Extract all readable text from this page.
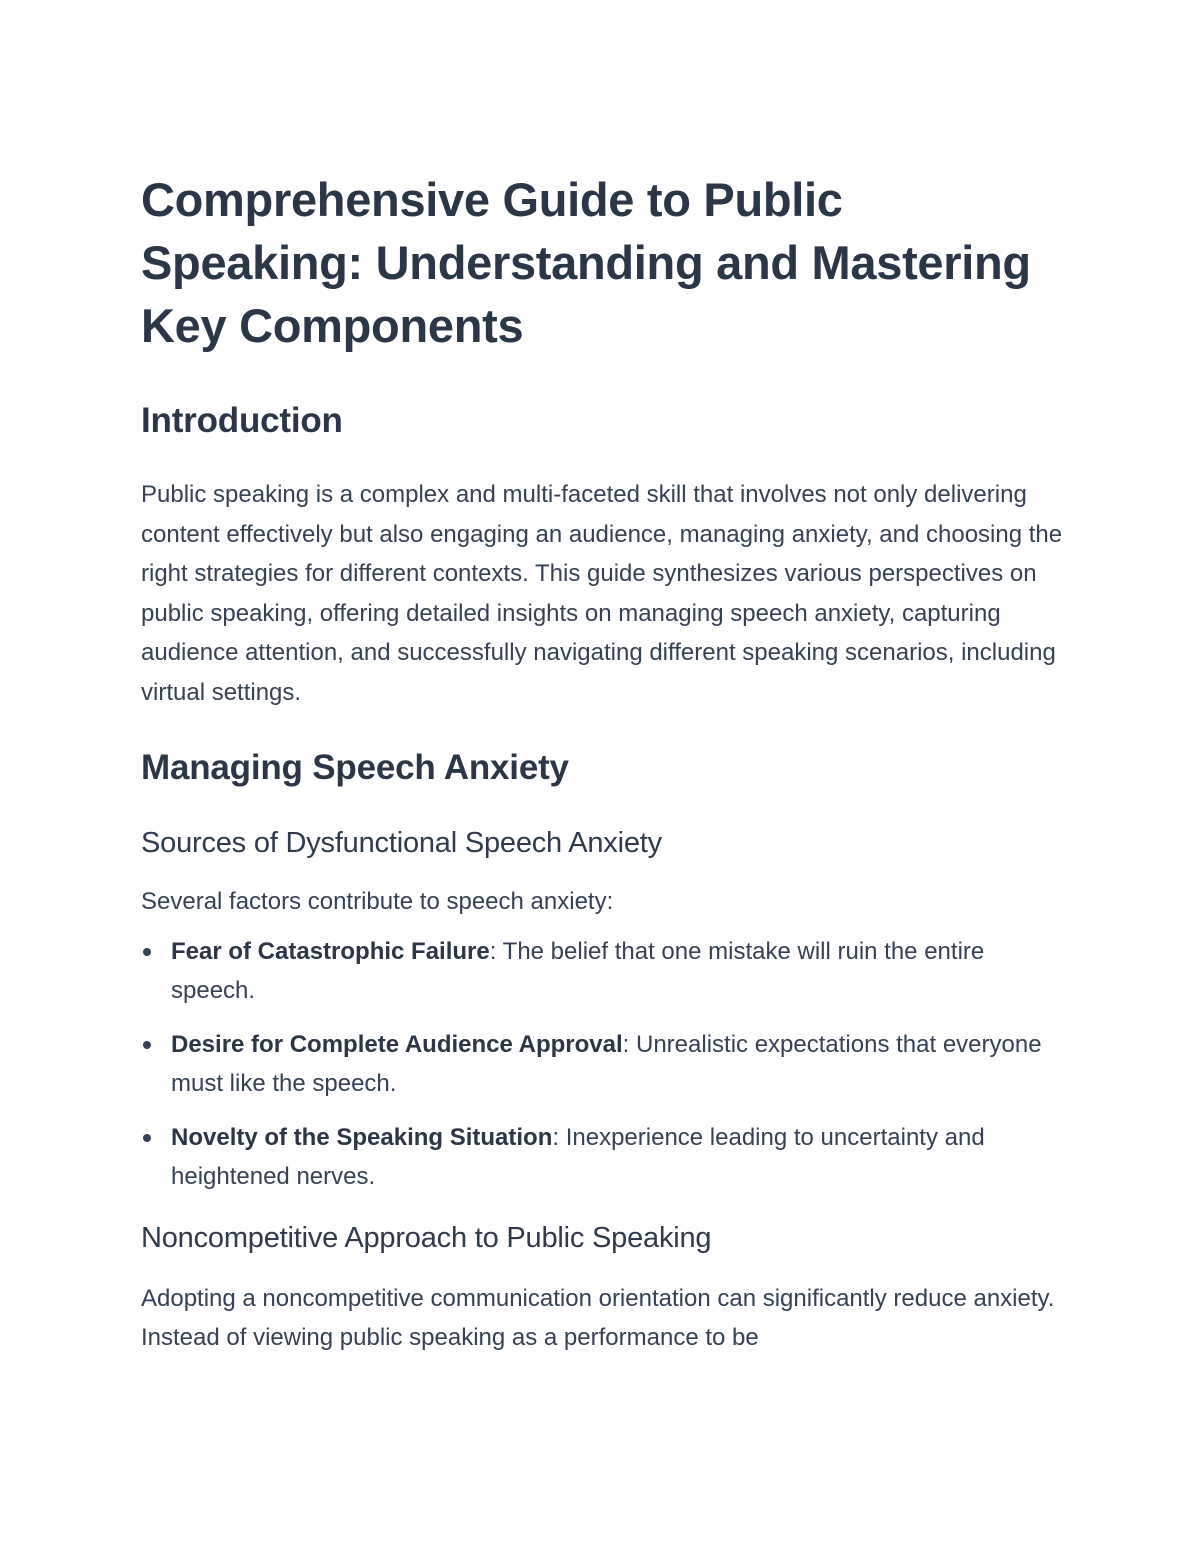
Comprehensive Guide to Public Speaking: Understanding and Mastering Key Components
Introduction

Public speaking is a complex and multi-faceted skill that involves not only delivering content effectively but also engaging an audience, managing anxiety, and choosing the right strategies for different contexts. This guide synthesizes various perspectives on public speaking, offering detailed insights on managing speech anxiety, capturing audience attention, and successfully navigating different speaking scenarios, including virtual settings.

Managing Speech Anxiety
Sources of Dysfunctional Speech Anxiety

Several factors contribute to speech anxiety:

Fear of Catastrophic Failure: The belief that one mistake will ruin the entire speech.
Desire for Complete Audience Approval: Unrealistic expectations that everyone must like the speech.
Novelty of the Speaking Situation: Inexperience leading to uncertainty and heightened nerves.
Noncompetitive Approach to Public Speaking

Adopting a noncompetitive communication orientation can significantly reduce anxiety. Instead of viewing public speaking as a performance to be
